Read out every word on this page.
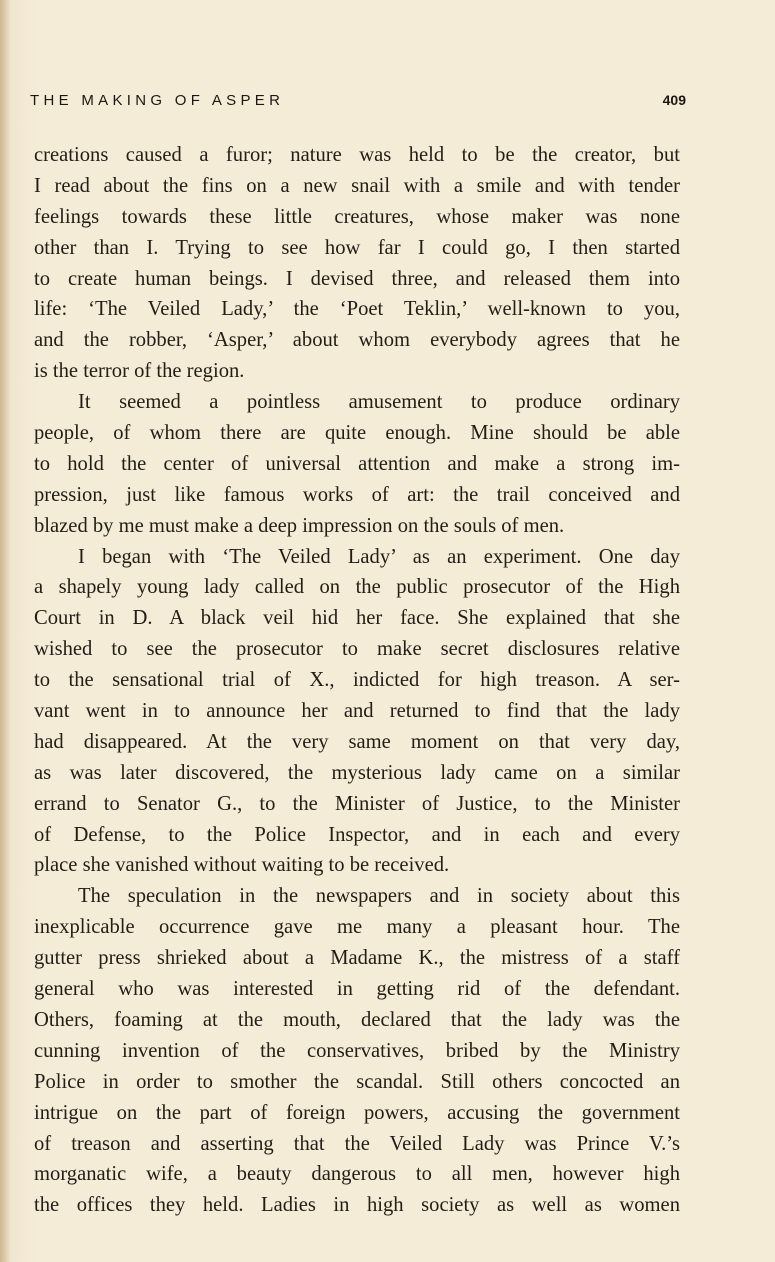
THE MAKING OF ASPER	409
creations caused a furor; nature was held to be the creator, but
I read about the fins on a new snail with a smile and with tender
feelings towards these little creatures, whose maker was none
other than I. Trying to see how far I could go, I then started
to create human beings. I devised three, and released them into
life: ‘The Veiled Lady,’ the ‘Poet Teklin,’ well-known to you,
and the robber, ‘Asper,’ about whom everybody agrees that he
is the terror of the region.
It seemed a pointless amusement to produce ordinary
people, of whom there are quite enough. Mine should be able
to hold the center of universal attention and make a strong im-
pression, just like famous works of art: the trail conceived and
blazed by me must make a deep impression on the souls of men.
I began with ‘The Veiled Lady’ as an experiment. One day
a shapely young lady called on the public prosecutor of the High
Court in D. A black veil hid her face. She explained that she
wished to see the prosecutor to make secret disclosures relative
to the sensational trial of X., indicted for high treason. A ser-
vant went in to announce her and returned to find that the lady
had disappeared. At the very same moment on that very day,
as was later discovered, the mysterious lady came on a similar
errand to Senator G., to the Minister of Justice, to the Minister
of Defense, to the Police Inspector, and in each and every
place she vanished without waiting to be received.
The speculation in the newspapers and in society about this
inexplicable occurrence gave me many a pleasant hour. The
gutter press shrieked about a Madame K., the mistress of a staff
general who was interested in getting rid of the defendant.
Others, foaming at the mouth, declared that the lady was the
cunning invention of the conservatives, bribed by the Ministry
Police in order to smother the scandal. Still others concocted an
intrigue on the part of foreign powers, accusing the government
of treason and asserting that the Veiled Lady was Prince V.’s
morganatic wife, a beauty dangerous to all men, however high
the offices they held. Ladies in high society as well as women
